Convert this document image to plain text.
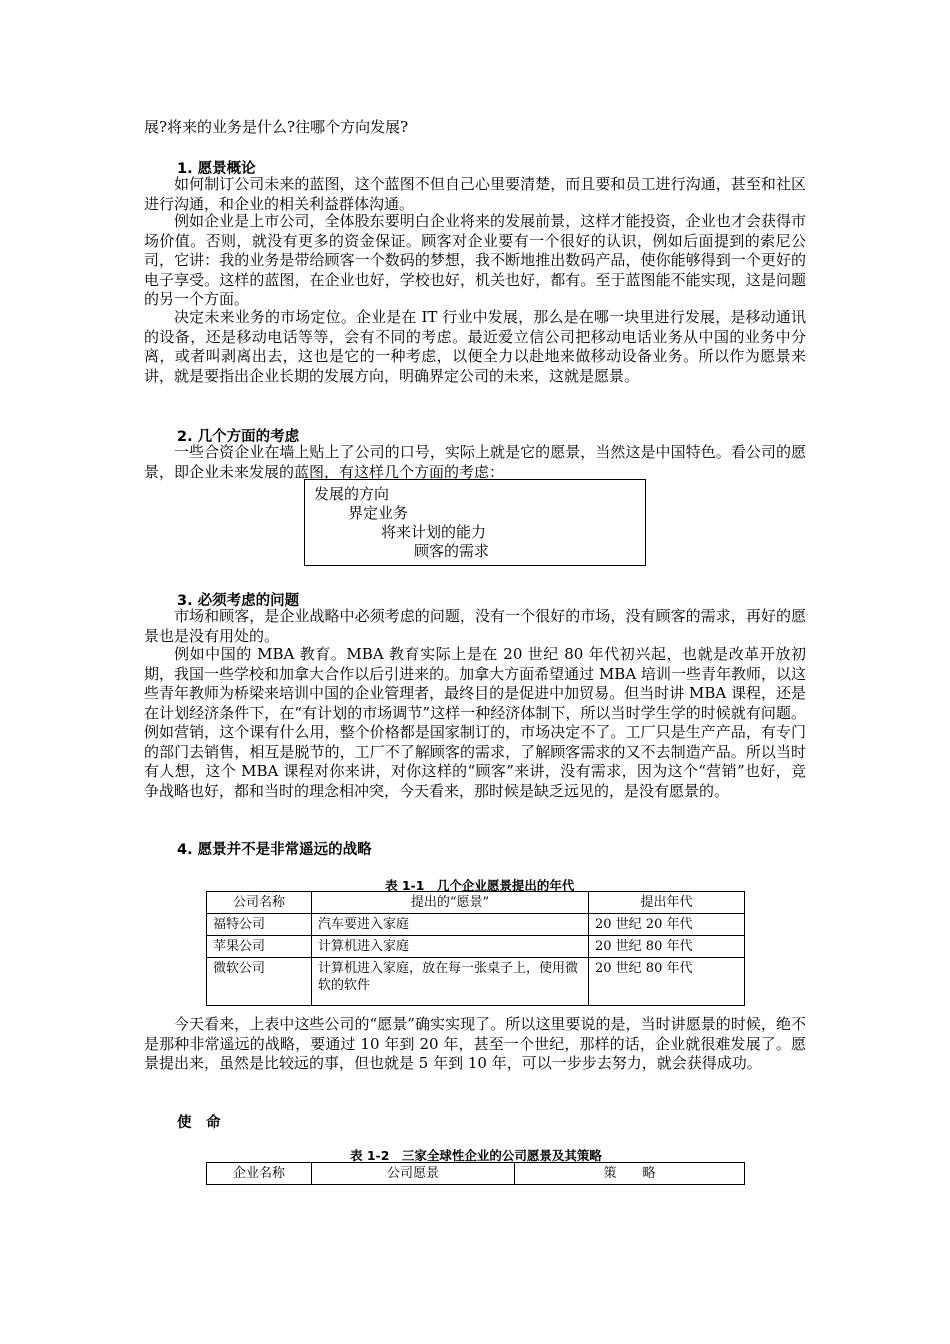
展?将来的业务是什么?往哪个方向发展?

1. 愿景概论

如何制订公司未来的蓝图，这个蓝图不但自己心里要清楚，而且要和员工进行沟通，甚至和社区进行沟通，和企业的相关利益群体沟通。

例如企业是上市公司，全体股东要明白企业将来的发展前景，这样才能投资，企业也才会获得市场价值。否则，就没有更多的资金保证。顾客对企业要有一个很好的认识，例如后面提到的索尼公司，它讲：我的业务是带给顾客一个数码的梦想，我不断地推出数码产品，使你能够得到一个更好的电子享受。这样的蓝图，在企业也好，学校也好，机关也好，都有。至于蓝图能不能实现，这是问题的另一个方面。

决定未来业务的市场定位。企业是在 IT 行业中发展，那么是在哪一块里进行发展，是移动通讯的设备，还是移动电话等等，会有不同的考虑。最近爱立信公司把移动电话业务从中国的业务中分离，或者叫剥离出去，这也是它的一种考虑，以便全力以赴地来做移动设备业务。所以作为愿景来讲，就是要指出企业长期的发展方向，明确界定公司的未来，这就是愿景。

2. 几个方面的考虑

一些合资企业在墙上贴上了公司的口号，实际上就是它的愿景，当然这是中国特色。看公司的愿景，即企业未来发展的蓝图，有这样几个方面的考虑：

发展的方向
界定业务
将来计划的能力
顾客的需求

3. 必须考虑的问题

市场和顾客，是企业战略中必须考虑的问题，没有一个很好的市场，没有顾客的需求，再好的愿景也是没有用处的。

例如中国的 MBA 教育。MBA 教育实际上是在 20 世纪 80 年代初兴起，也就是改革开放初期，我国一些学校和加拿大合作以后引进来的。加拿大方面希望通过 MBA 培训一些青年教师，以这些青年教师为桥梁来培训中国的企业管理者，最终目的是促进中加贸易。但当时讲 MBA 课程，还是在计划经济条件下，在“有计划的市场调节”这样一种经济体制下，所以当时学生学的时候就有问题。例如营销，这个课有什么用，整个价格都是国家制订的，市场决定不了。工厂只是生产产品，有专门的部门去销售，相互是脱节的，工厂不了解顾客的需求，了解顾客需求的又不去制造产品。所以当时有人想，这个 MBA 课程对你来讲，对你这样的“顾客”来讲，没有需求，因为这个“营销”也好，竞争战略也好，都和当时的理念相冲突，今天看来，那时候是缺乏远见的，是没有愿景的。

4. 愿景并不是非常遥远的战略

表 1-1　几个企业愿景提出的年代
公司名称	提出的“愿景”	提出年代
福特公司	汽车要进入家庭	20 世纪 20 年代
苹果公司	计算机进入家庭	20 世纪 80 年代
微软公司	计算机进入家庭，放在每一张桌子上，使用微软的软件	20 世纪 80 年代

今天看来，上表中这些公司的“愿景”确实实现了。所以这里要说的是，当时讲愿景的时候，绝不是那种非常遥远的战略，要通过 10 年到 20 年，甚至一个世纪，那样的话，企业就很难发展了。愿景提出来，虽然是比较远的事，但也就是 5 年到 10 年，可以一步步去努力，就会获得成功。

使　命

表 1-2　三家全球性企业的公司愿景及其策略
企业名称	公司愿景	策　　略
